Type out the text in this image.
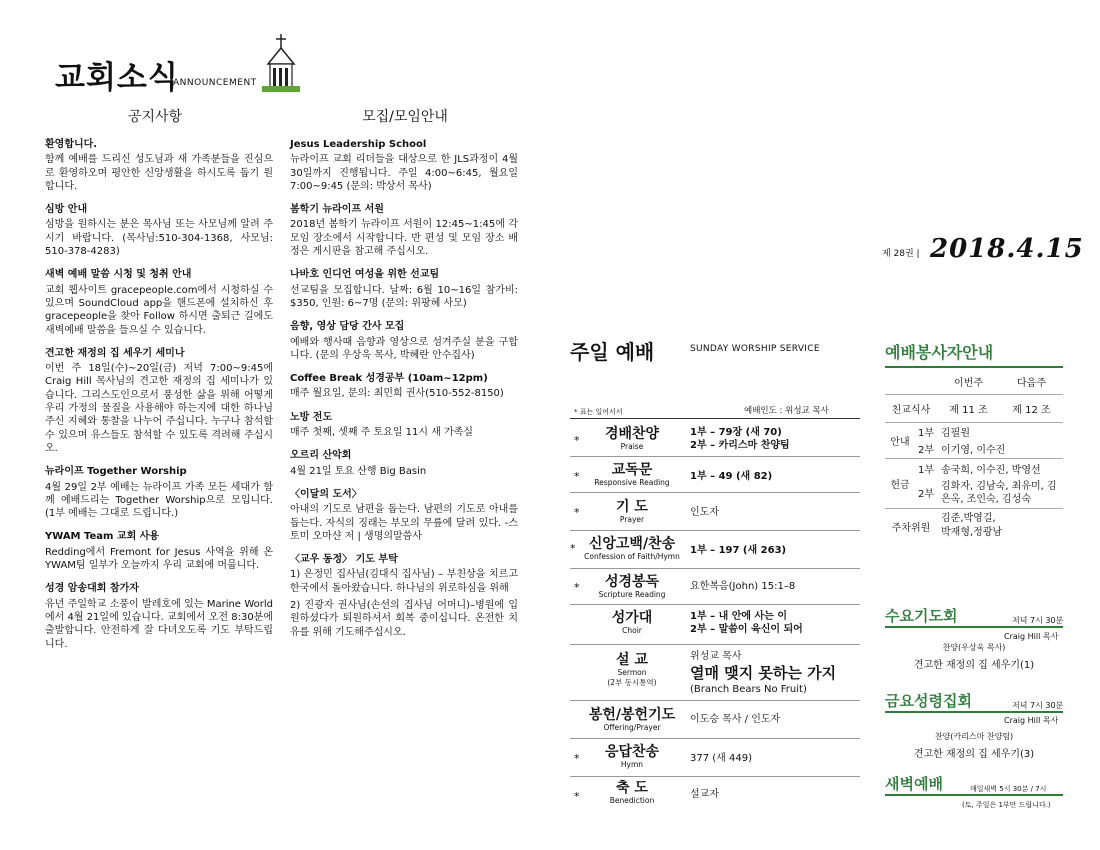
교회소식
ANNOUNCEMENT
공지사항	모집/모임안내
환영합니다.

함께 예배를 드리신 성도님과 새 가족분들을 진심으로 환영하오며 평안한 신앙생활을 하시도록 돕기 원합니다.

심방 안내

심방을 원하시는 분은 목사님 또는 사모님께 알려 주시기 바랍니다. (목사님:510-304-1368, 사모님: 510-378-4283)

새벽 예배 말씀 시청 및 청취 안내

교회 웹사이트 gracepeople.com에서 시청하실 수 있으며 SoundCloud app을 핸드폰에 설치하신 후 gracepeople을 찾아 Follow 하시면 출퇴근 길에도 새벽예배 말씀을 들으실 수 있습니다.

견고한 재정의 집 세우기 세미나

이번 주 18일(수)~20일(금) 저녁 7:00~9:45에 Craig Hill 목사님의 견고한 재정의 집 세미나가 있습니다. 그리스도인으로서 풍성한 삶을 위해 어떻게 우리 가정의 물질을 사용해야 하는지에 대한 하나님 주신 지혜와 통찰을 나누어 주십니다. 누구나 참석할 수 있으며 유스들도 참석할 수 있도록 격려해 주십시오.

뉴라이프 Together Worship

4월 29일 2부 예배는 뉴라이프 가족 모든 세대가 함께 예배드리는 Together Worship으로 모입니다. (1부 예배는 그대로 드립니다.)

YWAM Team 교회 사용

Redding에서 Fremont for Jesus 사역을 위해 온 YWAM팀 일부가 오늘까지 우리 교회에 머뭅니다.

성경 암송대회 참가자

유년 주일학교 소풍이 발레호에 있는 Marine World 에서 4월 21일에 있습니다. 교회에서 오전 8:30분에 출발합니다. 안전하게 잘 다녀오도록 기도 부탁드립니다.

Jesus Leadership School

뉴라이프 교회 리더들을 대상으로 한 JLS과정이 4월 30일까지 진행됩니다. 주일 4:00~6:45, 월요일 7:00~9:45 (문의: 박상서 목사)

봄학기 뉴라이프 서원

2018년 봄학기 뉴라이프 서원이 12:45~1:45에 각 모임 장소에서 시작합니다. 반 편성 및 모임 장소 배정은 게시판을 참고해 주십시오.

나바호 인디언 여성을 위한 선교팀

선교팀을 모집합니다. 날짜: 6월 10~16일 참가비: $350, 인원: 6~7명 (문의: 위팡혜 사모)

음향, 영상 담당 간사 모집

예배와 행사때 음향과 영상으로 섬겨주실 분을 구합니다. (문의 우상욱 목사, 박혜란 안수집사)

Coffee Break 성경공부 (10am~12pm)

매주 월요일, 문의: 최민희 권사(510-552-8150)

노방 전도

매주 첫째, 셋째 주 토요일 11시 새 가족실

오르리 산악회

4월 21일 토요 산행 Big Basin

〈이달의 도서〉

아내의 기도로 남편을 돕는다. 남편의 기도로 아내를 돕는다. 자식의 징래는 부모의 무릎에 달려 있다. -스토미 오마샨 저 | 생명의말씀사

〈교우 동정〉 기도 부탁

1) 은정민 집사님(김대식 집사님) – 부친상을 치르고 한국에서 돌아왔습니다. 하나님의 위로하심을 위해

2) 진광자 권사님(손선의 집사님 어머니)–병원에 입원하셨다가 퇴원하셔서 회복 중이십니다. 온전한 치유를 위해 기도해주십시오.

제 28권 | 2018.4.15
주일 예배	SUNDAY WORSHIP SERVICE
* 표는 일어서서	예배인도 : 위성교 목사
*	경배찬양
Praise
1부 – 79장 (새 70)
2부 – 카리스마 찬양팀
*	교독문
Responsive Reading
1부 – 49 (새 82)
*	기 도
Prayer
인도자
* 신앙고백/찬송
Confession of Faith/Hymn
1부 – 197 (새 263)
*	성경봉독
Scripture Reading
요한복음(John) 15:1–8
성가대
Choir
1부 – 내 안에 사는 이
2부 – 말씀이 육신이 되어
설 교
Sermon
(2부 동시통역)
위성교 목사
열매 맺지 못하는 가지
(Branch Bears No Fruit)
봉헌/봉헌기도
Offering/Prayer
이도승 목사 / 인도자
*	응답찬송
Hymn
377 (새 449)
*
축 도
Benediction
설교자
예배봉사자안내
		이번주	다음주
친교식사		제 11 조	제 12 조
안내	1부	김필원	
	2부	이기영, 이수진	
헌금	1부	송국희, 이수진, 박영선	
	2부	김화자, 김남숙, 최유미, 김은옥, 조인숙, 김성숙	
주차위원		김준,박영길,
박재형,정광남	
수요기도회	저녁 7시 30분
Craig Hill 목사
찬양(우상욱 목사)
견고한 재정의 집 세우기(1)
금요성령집회	저녁 7시 30분
Craig Hill 목사
찬양(카리스마 찬양팀)
견고한 재정의 집 세우기(3)
새벽예배	매일새벽 5시 30분 / 7시
(토, 주일은 1부만 드립니다.)
